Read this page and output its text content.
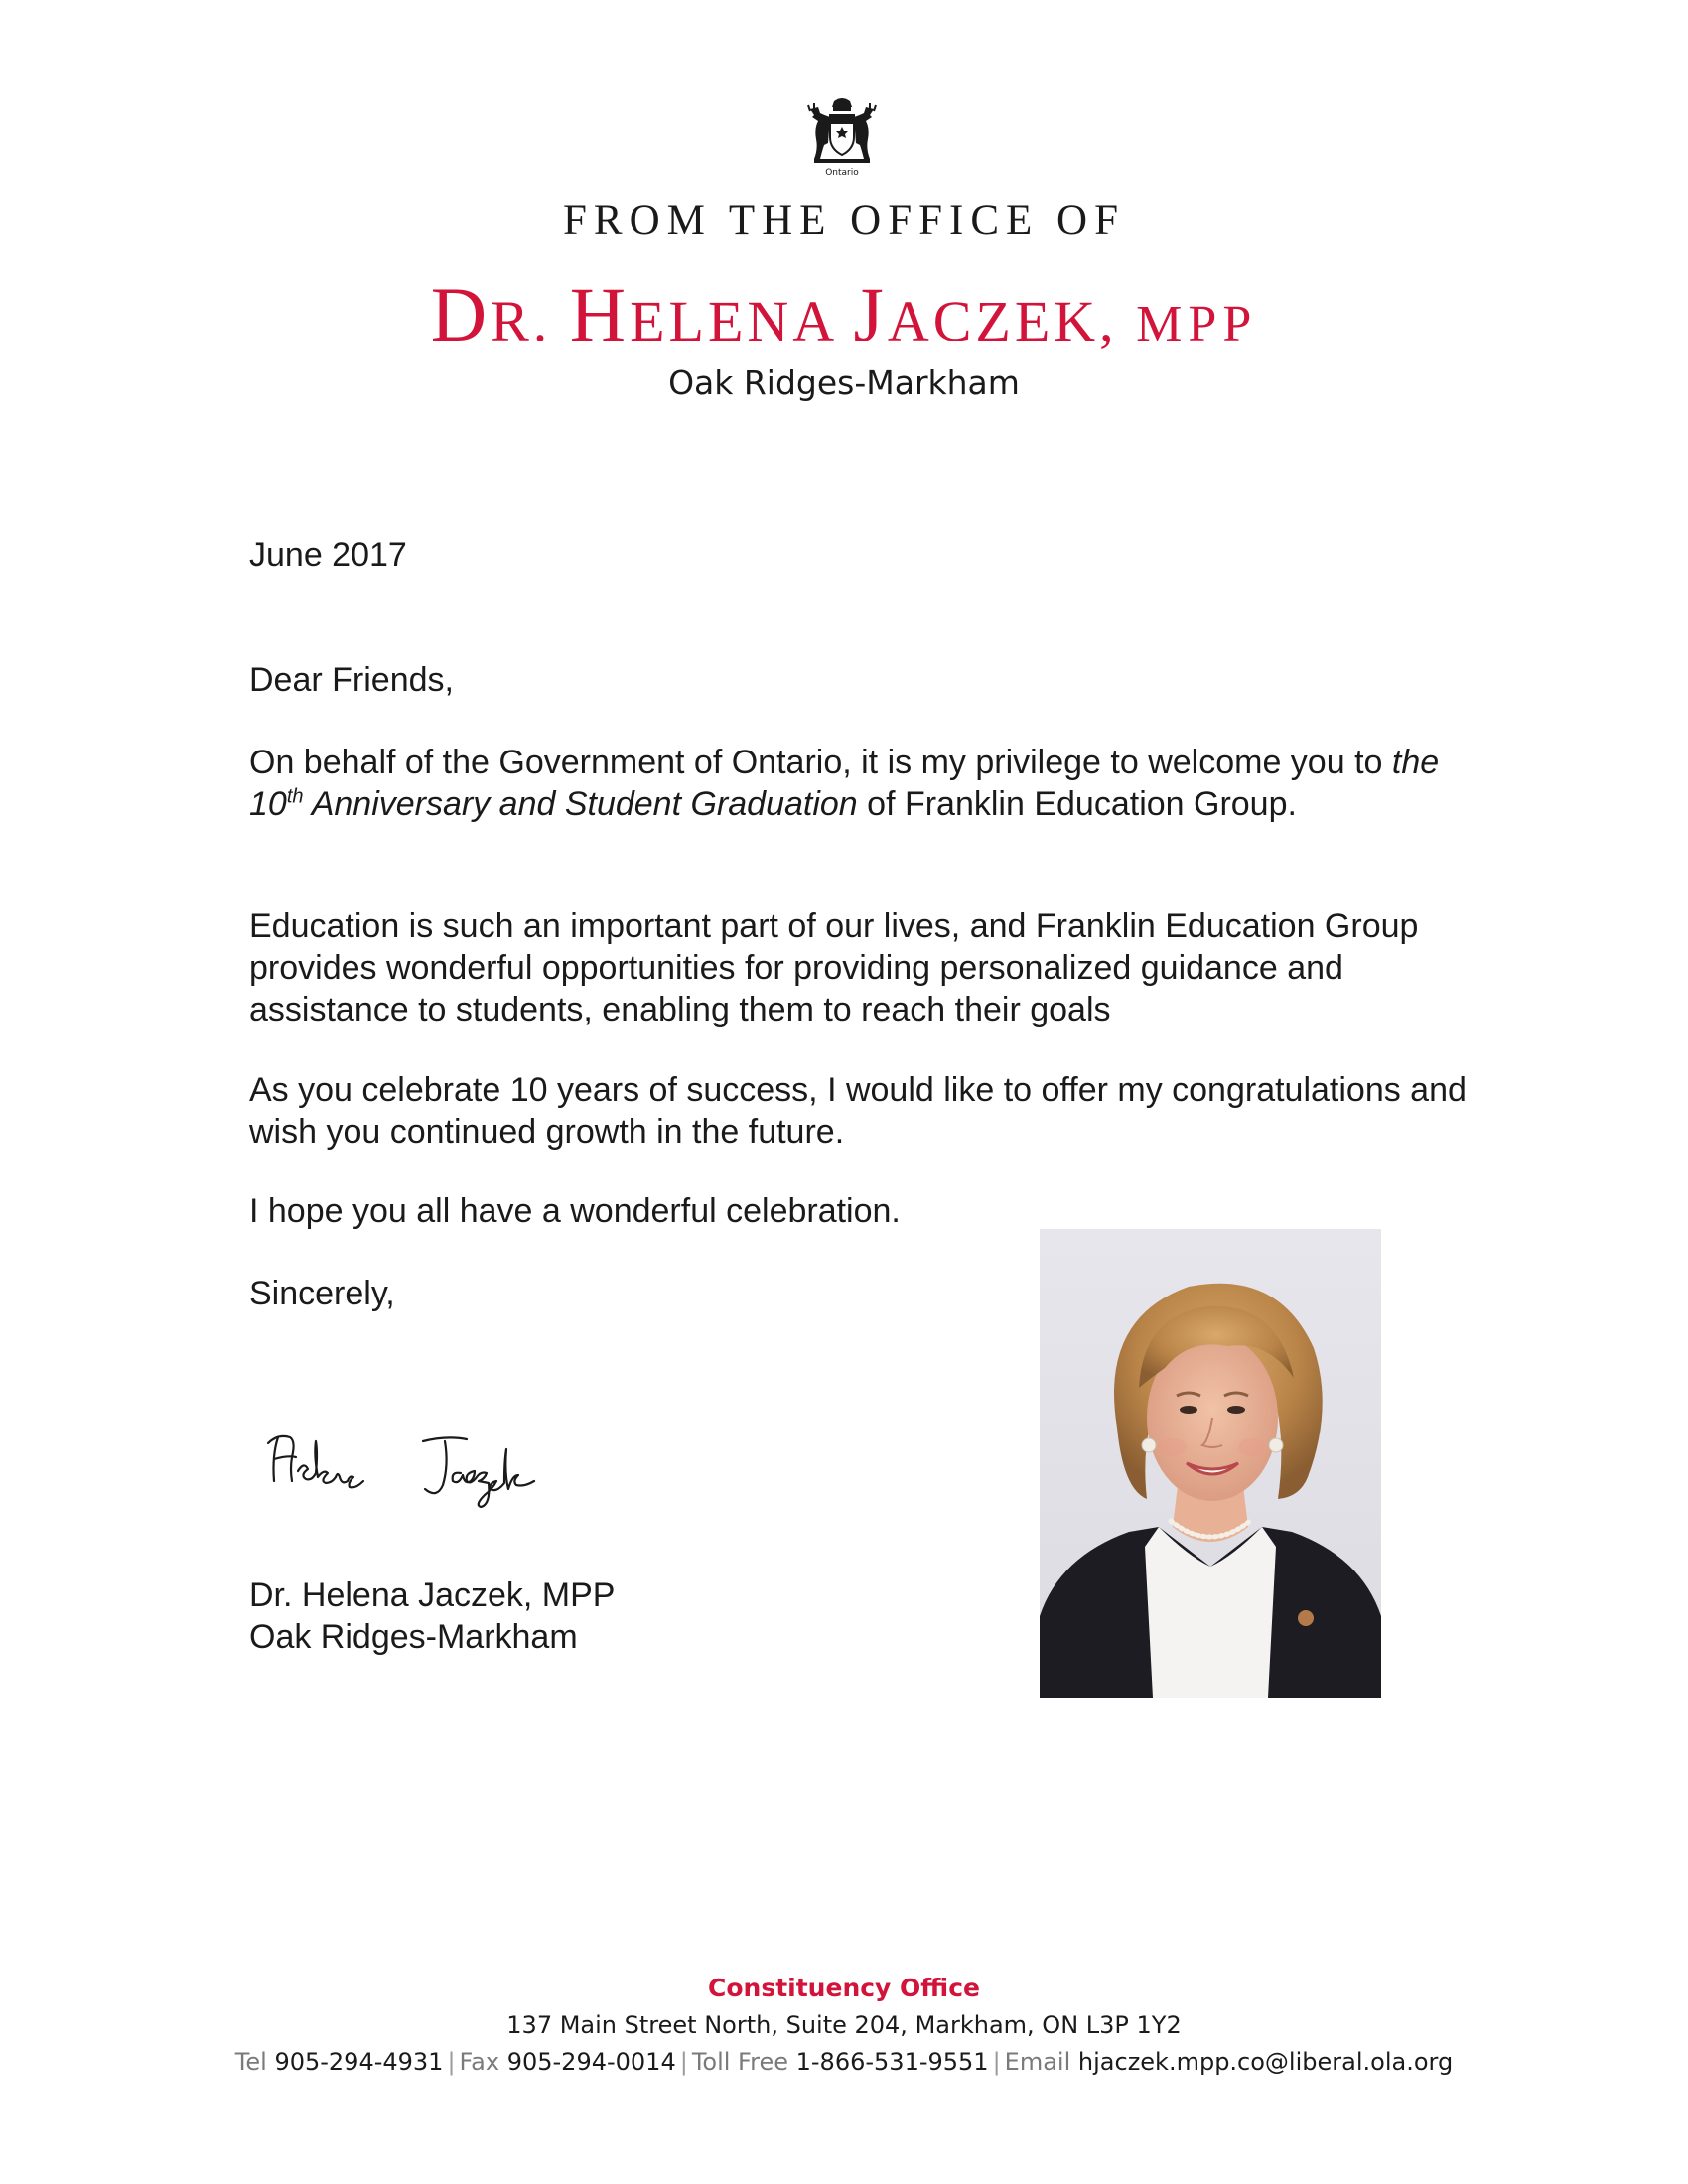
Ontario
FROM THE OFFICE OF
DR. HELENA JACZEK, MPP
Oak Ridges-Markham
June 2017
Dear Friends,
On behalf of the Government of Ontario, it is my privilege to welcome you to the 10th Anniversary and Student Graduation of Franklin Education Group.
Education is such an important part of our lives, and Franklin Education Group provides wonderful opportunities for providing personalized guidance and assistance to students, enabling them to reach their goals
As you celebrate 10 years of success, I would like to offer my congratulations and wish you continued growth in the future.
I hope you all have a wonderful celebration.
Sincerely,
Dr. Helena Jaczek, MPP
Oak Ridges-Markham
Constituency Office
137 Main Street North, Suite 204, Markham, ON L3P 1Y2
Tel 905-294-4931 | Fax 905-294-0014 | Toll Free 1-866-531-9551 | Email hjaczek.mpp.co@liberal.ola.org
